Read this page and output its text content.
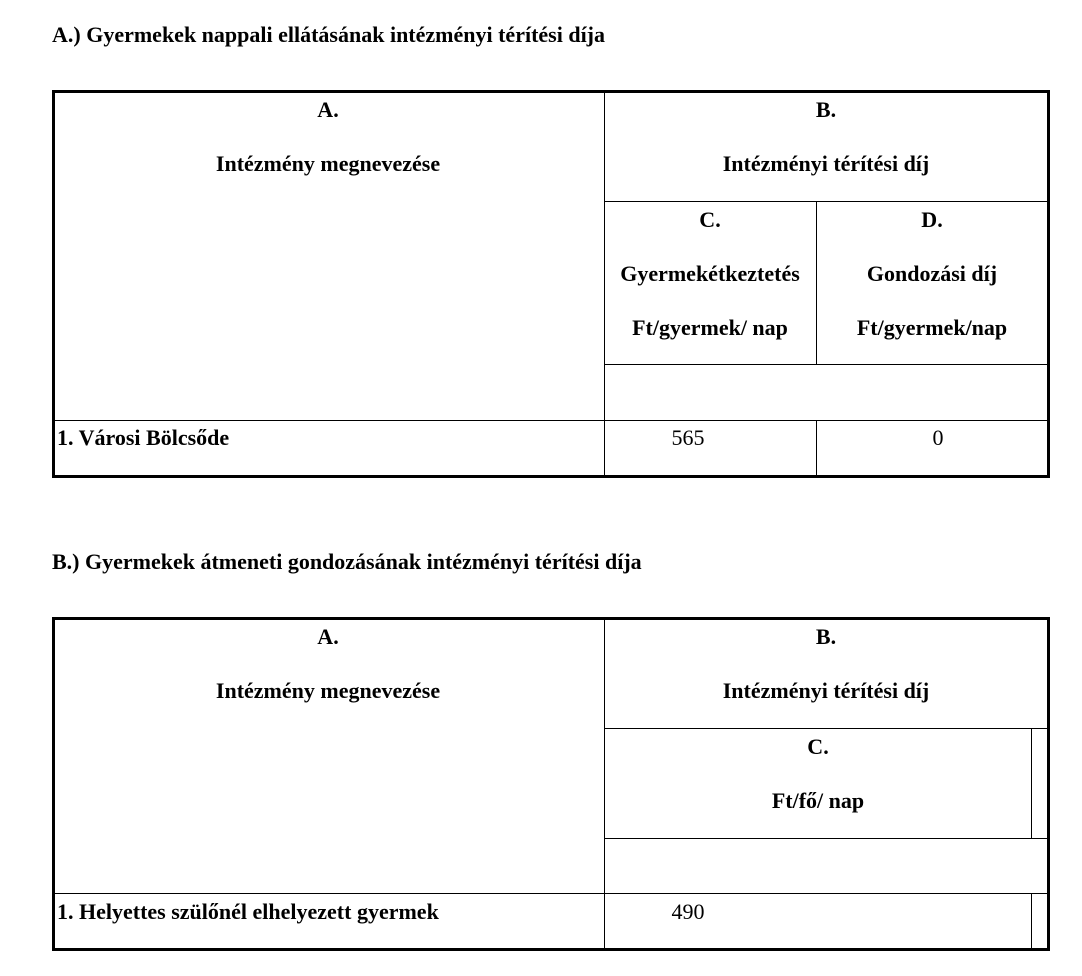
A.) Gyermekek nappali ellátásának intézményi térítési díja
A.
Intézmény megnevezése
B.
Intézményi térítési díj
C.
Gyermekétkeztetés
Ft/gyermek/ nap
D.
Gondozási díj
Ft/gyermek/nap
1. Városi Bölcsőde	565	0
B.) Gyermekek átmeneti gondozásának intézményi térítési díja
A.
Intézmény megnevezése
B.
Intézményi térítési díj
C.
Ft/fő/ nap
1. Helyettes szülőnél elhelyezett gyermek	490
